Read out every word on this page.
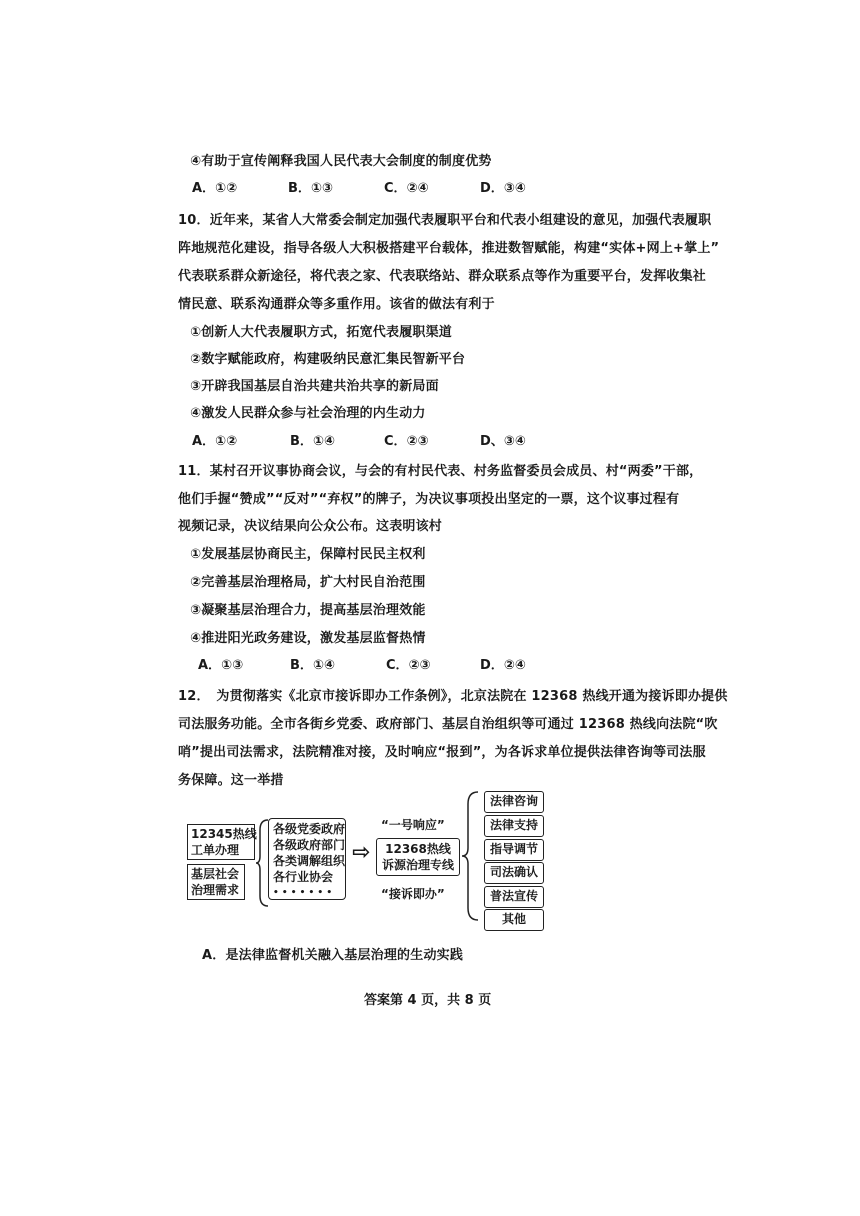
④有助于宣传阐释我国人民代表大会制度的制度优势
A．①②	B．①③	C．②④	D．③④
10．近年来，某省人大常委会制定加强代表履职平台和代表小组建设的意见，加强代表履职
阵地规范化建设，指导各级人大积极搭建平台载体，推进数智赋能，构建“实体+网上+掌上”
代表联系群众新途径，将代表之家、代表联络站、群众联系点等作为重要平台，发挥收集社
情民意、联系沟通群众等多重作用。该省的做法有利于
①创新人大代表履职方式，拓宽代表履职渠道
②数字赋能政府，构建吸纳民意汇集民智新平台
③开辟我国基层自治共建共治共享的新局面
④激发人民群众参与社会治理的内生动力
A．①②	B．①④	C．②③	D、③④
11．某村召开议事协商会议，与会的有村民代表、村务监督委员会成员、村“两委”干部，
他们手握“赞成”“反对”“弃权”的牌子，为决议事项投出坚定的一票，这个议事过程有
视频记录，决议结果向公众公布。这表明该村
①发展基层协商民主，保障村民民主权利
②完善基层治理格局，扩大村民自治范围
③凝聚基层治理合力，提高基层治理效能
④推进阳光政务建设，激发基层监督热情
A．①③	B．①④	C．②③	D．②④
12．　为贯彻落实《北京市接诉即办工作条例》，北京法院在 12368 热线开通为接诉即办提供
司法服务功能。全市各街乡党委、政府部门、基层自治组织等可通过 12368 热线向法院“吹
哨”提出司法需求，法院精准对接，及时响应“报到”，为各诉求单位提供法律咨询等司法服
务保障。这一举措
12345热线
工单办理
基层社会
治理需求
各级党委政府
各级政府部门
各类调解组织
各行业协会
• • • • • • •
⇨
“一号响应”
12368热线
诉源治理专线
“接诉即办”
法律咨询
法律支持
指导调节
司法确认
普法宣传
其他
A．是法律监督机关融入基层治理的生动实践
答案第 4 页，共 8 页
